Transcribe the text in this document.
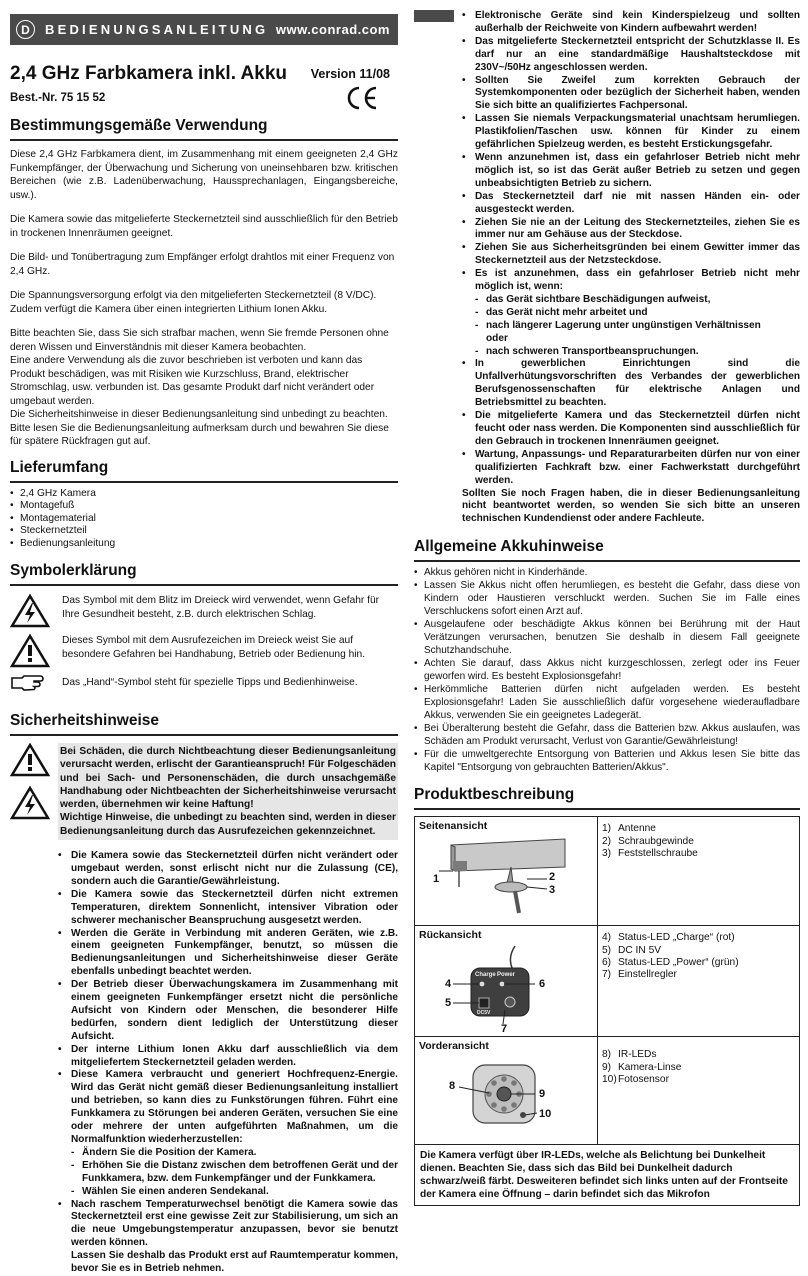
D	BEDIENUNGSANLEITUNG www.conrad.com
2,4 GHz Farbkamera inkl. Akku
Best.-Nr. 75 15 52
Version 11/08
Bestimmungsgemäße Verwendung

Diese 2,4 GHz Farbkamera dient, im Zusammenhang mit einem geeigneten 2,4 GHz Funkempfänger, der Überwachung und Sicherung von uneinsehbaren bzw. kritischen Bereichen (wie z.B. Ladenüberwachung, Haussprechanlagen, Eingangsbereiche, usw.).

Die Kamera sowie das mitgelieferte Steckernetzteil sind ausschließlich für den Betrieb in trockenen Innenräumen geeignet.

Die Bild- und Tonübertragung zum Empfänger erfolgt drahtlos mit einer Frequenz von 2,4 GHz.

Die Spannungsversorgung erfolgt via den mitgelieferten Steckernetzteil (8 V/DC). Zudem verfügt die Kamera über einen integrierten Lithium Ionen Akku.

Bitte beachten Sie, dass Sie sich strafbar machen, wenn Sie fremde Personen ohne deren Wissen und Einverständnis mit dieser Kamera beobachten.

Eine andere Verwendung als die zuvor beschrieben ist verboten und kann das Produkt beschädigen, was mit Risiken wie Kurzschluss, Brand, elektrischer Stromschlag, usw. verbunden ist. Das gesamte Produkt darf nicht verändert oder umgebaut werden.

Die Sicherheitshinweise in dieser Bedienungsanleitung sind unbedingt zu beachten. Bitte lesen Sie die Bedienungsanleitung aufmerksam durch und bewahren Sie diese für spätere Rückfragen gut auf.

Lieferumfang
• 2,4 GHz Kamera
• Montagefuß
• Montagematerial
• Steckernetzteil
• Bedienungsanleitung
Symbolerklärung
Das Symbol mit dem Blitz im Dreieck wird verwendet, wenn Gefahr für Ihre Gesundheit besteht, z.B. durch elektrischen Schlag.
Dieses Symbol mit dem Ausrufezeichen im Dreieck weist Sie auf besondere Gefahren bei Handhabung, Betrieb oder Bedienung hin.
Das „Hand“-Symbol steht für spezielle Tipps und Bedienhinweise.
Sicherheitshinweise

Bei Schäden, die durch Nichtbeachtung dieser Bedienungsanleitung verursacht werden, erlischt der Garantieanspruch! Für Folgeschäden und bei Sach- und Personenschäden, die durch unsachgemäße Handhabung oder Nichtbeachten der Sicherheitshinweise verursacht werden, übernehmen wir keine Haftung!
Wichtige Hinweise, die unbedingt zu beachten sind, werden in dieser Bedienungsanleitung durch das Ausrufezeichen gekennzeichnet.
• Die Kamera sowie das Steckernetzteil dürfen nicht verändert oder umgebaut werden, sonst erlischt nicht nur die Zulassung (CE), sondern auch die Garantie/Gewährleistung.
• Die Kamera sowie das Steckernetzteil dürfen nicht extremen Temperaturen, direktem Sonnenlicht, intensiver Vibration oder schwerer mechanischer Beanspruchung ausgesetzt werden.
• Werden die Geräte in Verbindung mit anderen Geräten, wie z.B. einem geeigneten Funkempfänger, benutzt, so müssen die Bedienungsanleitungen und Sicherheitshinweise dieser Geräte ebenfalls unbedingt beachtet werden.
• Der Betrieb dieser Überwachungskamera im Zusammenhang mit einem geeigneten Funkempfänger ersetzt nicht die persönliche Aufsicht von Kindern oder Menschen, die besonderer Hilfe bedürfen, sondern dient lediglich der Unterstützung dieser Aufsicht.
• Der interne Lithium Ionen Akku darf ausschließlich via dem mitgeliefertem Steckernetzteil geladen werden.
• Diese Kamera verbraucht und generiert Hochfrequenz-Energie. Wird das Gerät nicht gemäß dieser Bedienungsanleitung installiert und betrieben, so kann dies zu Funkstörungen führen. Führt eine Funkkamera zu Störungen bei anderen Geräten, versuchen Sie eine oder mehrere der unten aufgeführten Maßnahmen, um die Normalfunktion wiederherzustellen:
- Ändern Sie die Position der Kamera.
- Erhöhen Sie die Distanz zwischen dem betroffenen Gerät und der Funkkamera, bzw. dem Funkempfänger und der Funkkamera.
- Wählen Sie einen anderen Sendekanal.
• Nach raschem Temperaturwechsel benötigt die Kamera sowie das Steckernetzteil erst eine gewisse Zeit zur Stabilisierung, um sich an die neue Umgebungstemperatur anzupassen, bevor sie benutzt werden können.
Lassen Sie deshalb das Produkt erst auf Raumtemperatur kommen, bevor Sie es in Betrieb nehmen.
• Elektronische Geräte sind kein Kinderspielzeug und sollten außerhalb der Reichweite von Kindern aufbewahrt werden!
• Das mitgelieferte Steckernetzteil entspricht der Schutzklasse II. Es darf nur an eine standardmäßige Haushaltsteckdose mit 230V~/50Hz angeschlossen werden.
• Sollten Sie Zweifel zum korrekten Gebrauch der Systemkomponenten oder bezüglich der Sicherheit haben, wenden Sie sich bitte an qualifiziertes Fachpersonal.
• Lassen Sie niemals Verpackungsmaterial unachtsam herumliegen. Plastikfolien/Taschen usw. können für Kinder zu einem gefährlichen Spielzeug werden, es besteht Erstickungsgefahr.
• Wenn anzunehmen ist, dass ein gefahrloser Betrieb nicht mehr möglich ist, so ist das Gerät außer Betrieb zu setzen und gegen unbeabsichtigten Betrieb zu sichern.
• Das Steckernetzteil darf nie mit nassen Händen ein- oder ausgesteckt werden.
• Ziehen Sie nie an der Leitung des Steckernetzteiles, ziehen Sie es immer nur am Gehäuse aus der Steckdose.
• Ziehen Sie aus Sicherheitsgründen bei einem Gewitter immer das Steckernetzteil aus der Netzsteckdose.
• Es ist anzunehmen, dass ein gefahrloser Betrieb nicht mehr möglich ist, wenn:
- das Gerät sichtbare Beschädigungen aufweist,
- das Gerät nicht mehr arbeitet und
- nach längerer Lagerung unter ungünstigen Verhältnissen
oder
- nach schweren Transportbeanspruchungen.
• In gewerblichen Einrichtungen sind die Unfallverhütungsvorschriften des Verbandes der gewerblichen Berufsgenossenschaften für elektrische Anlagen und Betriebsmittel zu beachten.
• Die mitgelieferte Kamera und das Steckernetzteil dürfen nicht feucht oder nass werden. Die Komponenten sind ausschließlich für den Gebrauch in trockenen Innenräumen geeignet.
• Wartung, Anpassungs- und Reparaturarbeiten dürfen nur von einer qualifizierten Fachkraft bzw. einer Fachwerkstatt durchgeführt werden.

Sollten Sie noch Fragen haben, die in dieser Bedienungsanleitung nicht beantwortet werden, so wenden Sie sich bitte an unseren technischen Kundendienst oder andere Fachleute.

Allgemeine Akkuhinweise
• Akkus gehören nicht in Kinderhände.
• Lassen Sie Akkus nicht offen herumliegen, es besteht die Gefahr, dass diese von Kindern oder Haustieren verschluckt werden. Suchen Sie im Falle eines Verschluckens sofort einen Arzt auf.
• Ausgelaufene oder beschädigte Akkus können bei Berührung mit der Haut Verätzungen verursachen, benutzen Sie deshalb in diesem Fall geeignete Schutzhandschuhe.
• Achten Sie darauf, dass Akkus nicht kurzgeschlossen, zerlegt oder ins Feuer geworfen wird. Es besteht Explosionsgefahr!
• Herkömmliche Batterien dürfen nicht aufgeladen werden. Es besteht Explosionsgefahr! Laden Sie ausschließlich dafür vorgesehene wiederaufladbare Akkus, verwenden Sie ein geeignetes Ladegerät.
• Bei Überalterung besteht die Gefahr, dass die Batterien bzw. Akkus auslaufen, was Schäden am Produkt verursacht, Verlust von Garantie/Gewährleistung!
• Für die umweltgerechte Entsorgung von Batterien und Akkus lesen Sie bitte das Kapitel "Entsorgung von gebrauchten Batterien/Akkus".
Produktbeschreibung
Seitenansicht
1	2
3
1) Antenne
2) Schraubgewinde
3) Feststellschraube
Rückansicht
Charge Power
DC5V
4
5
6
7
4) Status-LED „Charge“ (rot)
5) DC IN 5V
6) Status-LED „Power“ (grün)
7) Einstellregler
Vorderansicht
8
9
10
8) IR-LEDs
9) Kamera-Linse
10) Fotosensor
Die Kamera verfügt über IR-LEDs, welche als Belichtung bei Dunkelheit dienen. Beachten Sie, dass sich das Bild bei Dunkelheit dadurch schwarz/weiß färbt. Desweiteren befindet sich links unten auf der Frontseite der Kamera eine Öffnung – darin befindet sich das Mikrofon
